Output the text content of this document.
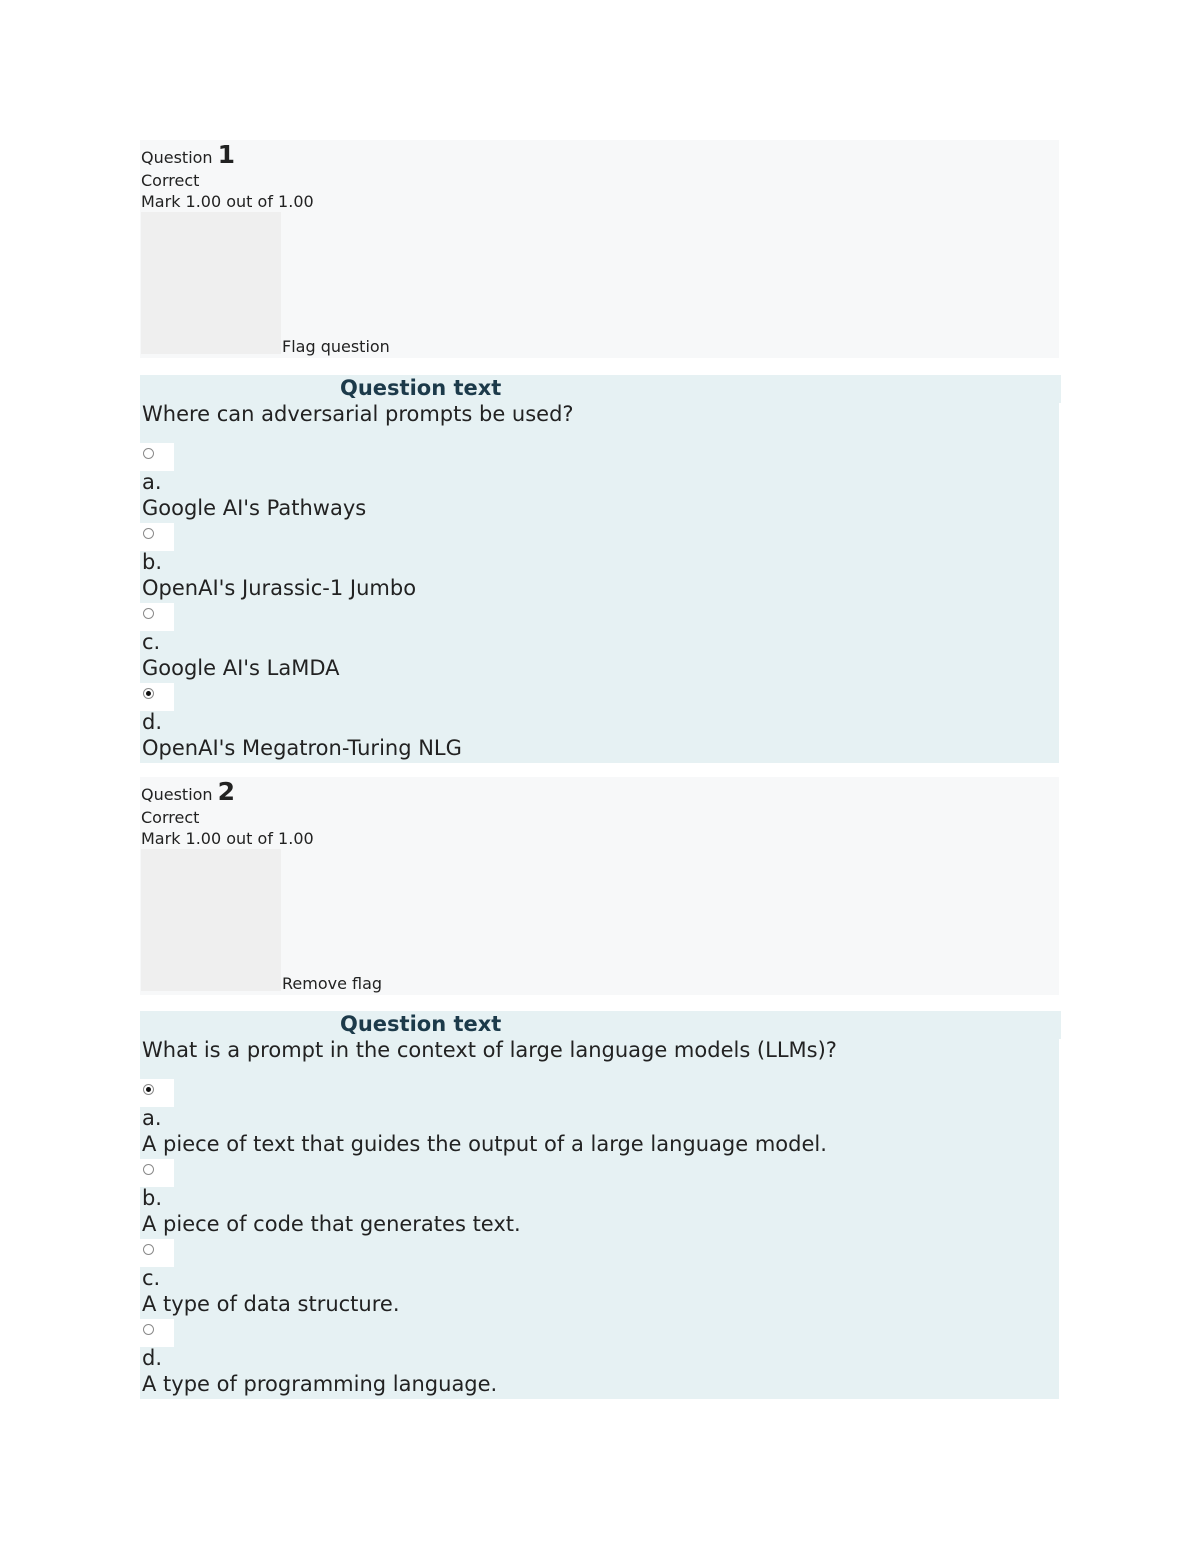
Question 1
Correct
Mark 1.00 out of 1.00
Flag question
Question text
Where can adversarial prompts be used?
a.
Google AI's Pathways
b.
OpenAI's Jurassic-1 Jumbo
c.
Google AI's LaMDA
d.
OpenAI's Megatron-Turing NLG
Question 2
Correct
Mark 1.00 out of 1.00
Remove flag
Question text
What is a prompt in the context of large language models (LLMs)?
a.
A piece of text that guides the output of a large language model.
b.
A piece of code that generates text.
c.
A type of data structure.
d.
A type of programming language.
